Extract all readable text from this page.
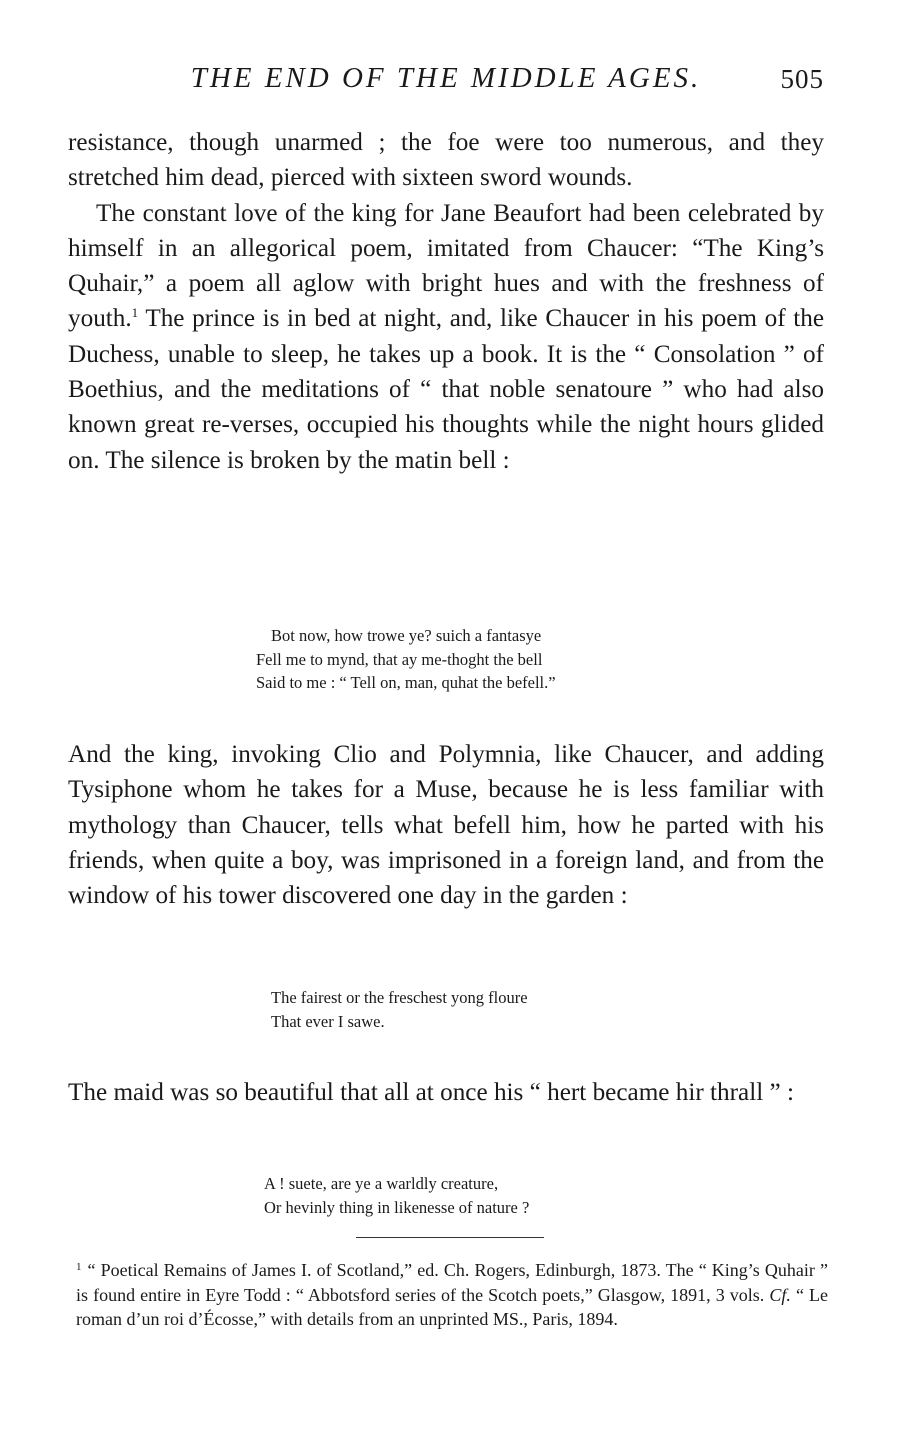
THE END OF THE MIDDLE AGES.	505

resistance, though unarmed ; the foe were too numerous, and they stretched him dead, pierced with sixteen sword wounds.

The constant love of the king for Jane Beaufort had been celebrated by himself in an allegorical poem, imitated from Chaucer: “The King’s Quhair,” a poem all aglow with bright hues and with the freshness of youth.$^1$ The prince is in bed at night, and, like Chaucer in his poem of the Duchess, unable to sleep, he takes up a book. It is the “ Consolation ” of Boethius, and the meditations of “ that noble senatoure ” who had also known great re-verses, occupied his thoughts while the night hours glided on. The silence is broken by the matin bell :

Bot now, how trowe ye? suich a fantasye
Fell me to mynd, that ay me-thoght the bell
Said to me : “ Tell on, man, quhat the befell.”

And the king, invoking Clio and Polymnia, like Chaucer, and adding Tysiphone whom he takes for a Muse, because he is less familiar with mythology than Chaucer, tells what befell him, how he parted with his friends, when quite a boy, was imprisoned in a foreign land, and from the window of his tower discovered one day in the garden :

The fairest or the freschest yong floure
That ever I sawe.

The maid was so beautiful that all at once his “ hert became hir thrall ” :

A ! suete, are ye a warldly creature,
Or hevinly thing in likenesse of nature ?

$^1$ “ Poetical Remains of James I. of Scotland,” ed. Ch. Rogers, Edinburgh, 1873. The “ King’s Quhair ” is found entire in Eyre Todd : “ Abbotsford series of the Scotch poets,” Glasgow, 1891, 3 vols. Cf. “ Le roman d’un roi d’Écosse,” with details from an unprinted MS., Paris, 1894.
